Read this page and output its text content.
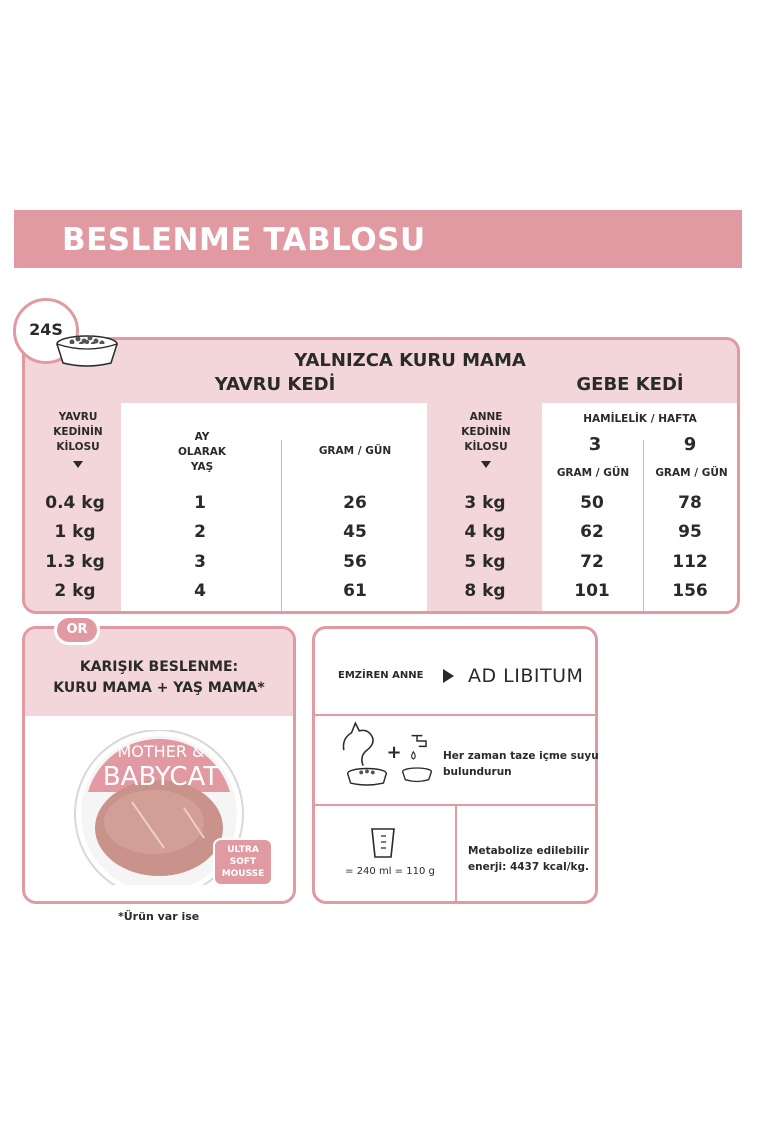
BESLENME TABLOSU
24S
YALNIZCA KURU MAMA
YAVRU KEDİ	GEBE KEDİ
YAVRU
KEDİNİN
KİLOSU
AY
OLARAK
YAŞ
GRAM / GÜN
ANNE
KEDİNİN
KİLOSU
HAMİLELİK / HAFTA
3	9
GRAM / GÜN	GRAM / GÜN
0.4 kg	1	26	3 kg	50	78
1 kg	2	45	4 kg	62	95
1.3 kg	3	56	5 kg	72	112
2 kg	4	61	8 kg	101	156
KARIŞIK BESLENME:
KURU MAMA + YAŞ MAMA*
OR
MOTHER &
BABYCAT
ULTRA
SOFT
MOUSSE
*Ürün var ise
EMZİREN ANNE AD LIBITUM
+	Her zaman taze içme suyu
bulundurun
= 240 ml = 110 g
Metabolize edilebilir
enerji: 4437 kcal/kg.
